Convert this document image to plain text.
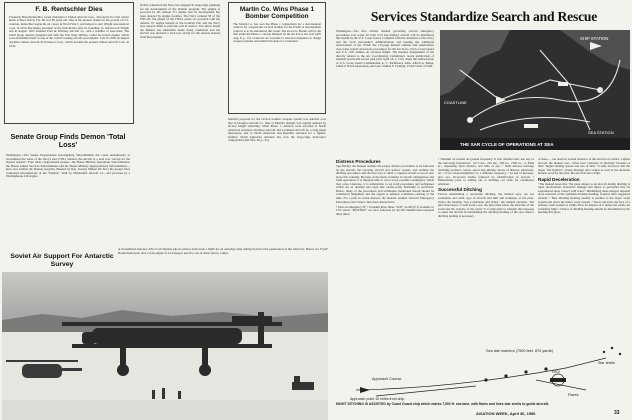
F. B. Rentschler Dies
Frederick Brant Rentschler, board chairman of United Aircraft Corp., died April 25 at his winter home at Boca Raton, Fla. He was 69 years old. One of the pioneer leaders in the growth of U.S. aviation, Rentschler began his air career in World War I, and helped to start Wright Aeronautical Corp. in 1919. Becoming president of the firm shortly after its founding, in 1924 he left Wright and in August 1925 founded Pratt & Whitney Aircraft Co. with a handful of associates. The small group quickly designed and built the first Wasp 400-hp. radial air-cooled engine, which soon established itself as one of the world's leading aircraft powerplants. Late in 1928, he helped organize United Aircraft & Transport Corp., which became the present United Aircraft Corp. in 1934.
Senate Group Finds Demon 'Total Loss'
Washington—The Senate Preparedness Investigating Subcommittee has voted unanimously to recommend the value of the Navy's new F3H-1 Demon, the aircraft is a total loss "except for the lessons learned." Four other congressional groups—the House Military Operations Subcommittee, the House Armed Services Subcommittee and the House Military Appropriations Subcommittee—have also studied the Demon program. Headed by Rep. George Mahon (D-Tex.) the groups have completed investigations of the "Demon," built by McDonnell Aircraft Co., and powered by a Westinghouse J40 engine.
In this connection the Navy has engaged in long-range planning for the development of the Demon program. The engine is powered by the Allison J71 engine and its development has been delayed by engine troubles. The Navy ordered 58 of the F3H-1N, the planes of the F3H-2 series are powered with the Allison J71 engine instead of the troubled J40, and the Navy now expects them to perform well in service. Test pilots found the Demon was unsuitable under many conditions and the aircraft was declared a total loss except for the lessons learned from the program.
Martin Co. Wins Phase 1 Bomber Competition
The Martin Co. has won the Phase 1 competition for a development contract for a supersonic tactical bomber for the USAF. A development contract is to be announced this week. The award to Martin will be the first under the Phase 1 concept initiated by the Air Force last year (AW Aug. 8, p. 13). Contracts are awarded to selected companies to design weapon systems and submit mockups for evaluation.
Martin's proposal for the tactical bomber weapon system was selected over that of Douglas Aircraft Co. One of Martin's designs was rapidly adapted by factory length launching. Other Phase 1 contracts were awarded to North American Aviation, Northrop Aircraft and Lockheed Aircraft for a long-range interceptor, and to North American and Republic Aviation for a fighter-bomber. North American Aviation has won the long-range interceptor competition (AW Mar. 26, p. 25).
Soviet Air Support For Antarctic Survey
A streamlined Antonov AN-2 Colt biplane (above photo) back from a flight for an outlying camp during Soviet's first penetration of the Antarctic. Below are USAF Hound helicopter and a twin-engine Il-12 transport used by one of these survey camps.
Services Standardize Search and Rescue
Washington—The first official manual governing aircraft emergency procedures over water for both civil and military aircraft will be distributed this month by the U.S. Coast Guard. Compiled with the assistance of the Navy and the Civil Aeronautics Administration and bearing the additional endorsement of the USAF, the 115-page manual outlines and standardizes over-water search-and-rescue procedures for the Air Force, Navy, Coast Guard and U.S. civil airlines on overseas flights. The manual, independent of but directly related to the Air Coordinating Committee's recent publication of national search-and-rescue plan (AW April 16, p. 152). Steps the authorization of U.S. Coast Guard Commandant A. C. Richmond, Adm. Alfred A. Burke, Chief of Naval Operations, and Gen. Nathan F. Twining, USAF Chief of Staff.
SHIP STATION
COASTLINE
SEA STATION
THE SAR CYCLE OF OPERATIONS AT SEA
Distress Procedures

Specifically, the manual outlines the proper distress procedures to be followed by the aircraft, the rescuing aircraft and surface vessels, and outlines the ditching procedures and the best way to ditch a crippled aircraft at sea. It also notes this warning: Because of the many variables in aircraft emergencies and SAR operations, it is impracticable to cover every possible contingency which may arise. Likewise, it is undesirable to set forth procedures and techniques which are as detailed and rigid that on-the-scene flexibility is sacrificed. Hence, many of the procedures and techniques mentioned herein should be considered judgement and the regard to unusual conditions existing at the time. For a pilot in actual distress, the manual, entitled 'Aircraft Emergency Procedures Over Water,' lists these instructions:

• Turn on emergency IF. • Transmit three times "SOS" on MCW if available or CW, and/or "MAYDAY" on voice followed by aircraft identification repeated three times.

• Transmit on normal air-ground frequency. If this channel fails, use any of the following frequencies: 121.5 mc., 243 mc., 500 kc., 2182 kc., or 8364 kc., depending upon distance and time of day. • Send distress message including position, course, speed and altitude, nature of distress, intentions, etc. • If no acknowledgment, try a different frequency. • At end of message, give two 10-second dashes followed by identification of aircraft. • Immediately prior to bailing out or ditching, set radio for continuous emission.

Successful Ditching

Factors determining a successful ditching, the manual says, are sea conditions and wind, type of aircraft and skill and technique of the pilot. Under the heading "Sea Conditions and Wind," the manual explains, "the pilot must know a swell from a sea; the pilot must know the direction of the swell and the velocity of the wind." It is important to transmit this message to assist the aircraft in determining the ditching heading of the seas when a ditching landing is necessary.

of these ... can result in violent behavior of the aircraft on contact. Lighter aircraft, the manual says, "often react violently on ditching" because of their "higher landing speeds and rate of sink." It adds, however, that the larger "the fighter's" strong fuselage and cockpit as well as the shoulder harness worn by the pilot, the survival rate is high.

Rapid Deceleration

"The manual notes that "the great danger to an aircraft during ditching is rapid deceleration. Extensive damage and injury to personnel may be experienced upon contact with water." Minimizing these dangers depends upon selection of the optimum ditching heading. General rules suggested include: • Best ditching heading usually is parallel to the major swell system and down the minor swell system. • Never land into the face of a primary swell system as within 30 to 45 degrees of it unless the winds are extremely high. • Choice of ditching heading should be determined by the heading that gives

Sea late markers (7500 feet, 870 yards)
Approach Course
Approach point 10 miles from ship
OSV
Flares
Star shells
NIGHT DITCHING IS ASSISTED by Coast Guard ship which marks 7,500 ft. sea lane, with flares and lines star shells to guide aircraft.
AVIATION WEEK, April 30, 1956	33
